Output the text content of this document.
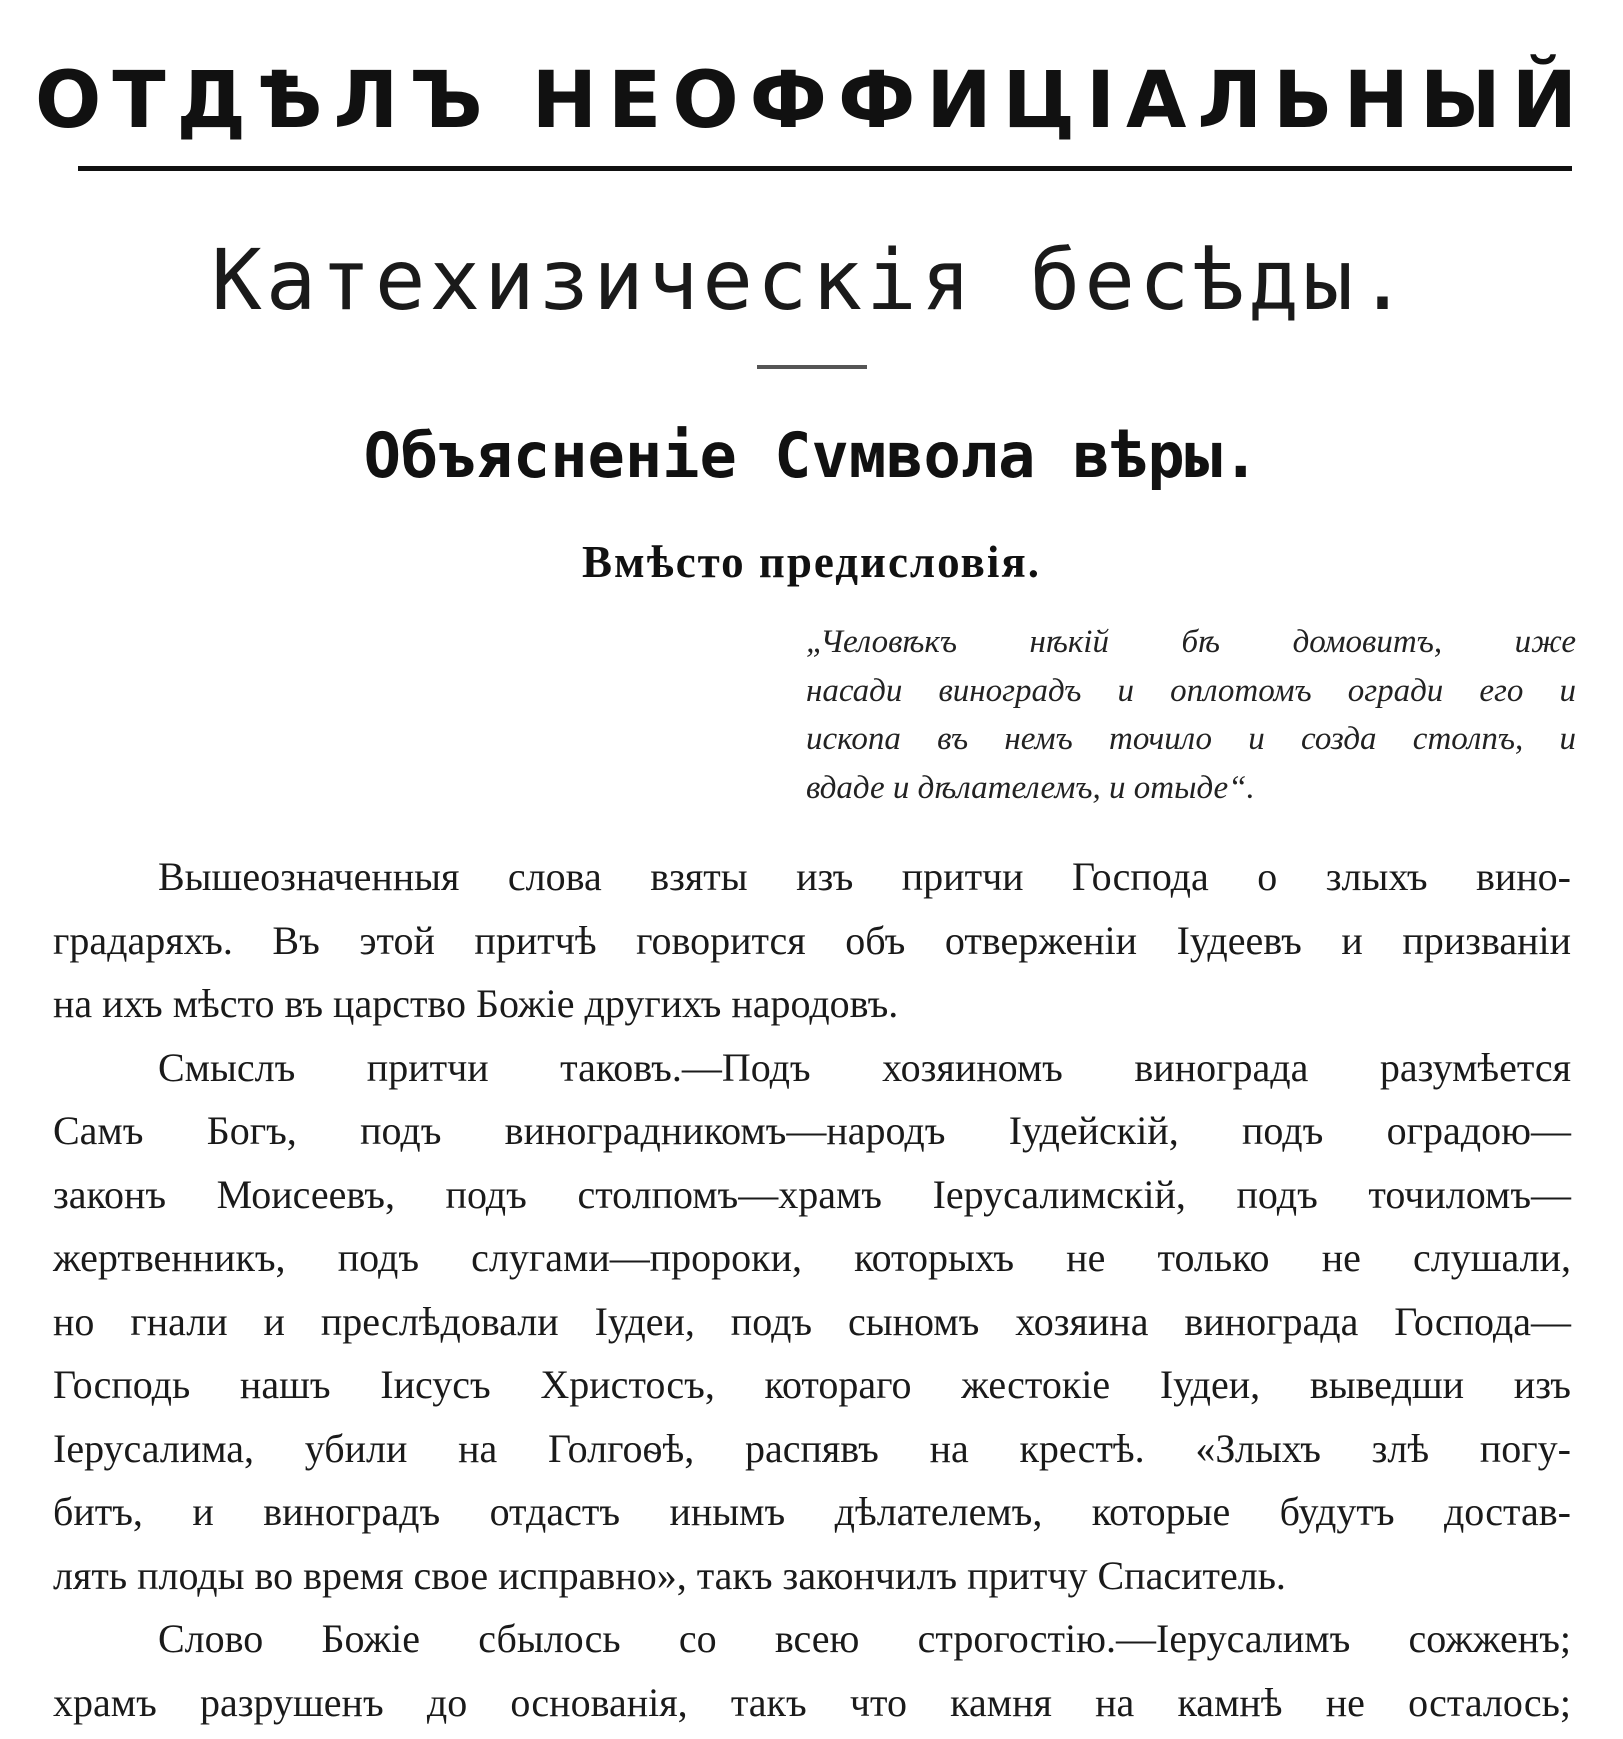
ОТДѢЛЪ НЕОФФИЦІАЛЬНЫЙ
Катехизическія бесѣды.
Объясненіе Сvмвола вѣры.
Вмѣсто предисловія.
„Человѣкъ нѣкій бѣ домовитъ, иже
насади виноградъ и оплотомъ огради его и
ископа въ немъ точило и созда столпъ, и
вдаде и дѣлателемъ, и отыде“.
Вышеозначенныя слова взяты изъ притчи Господа о злыхъ вино-
градаряхъ. Въ этой притчѣ говорится объ отверженіи Іудеевъ и призваніи
на ихъ мѣсто въ царство Божіе другихъ народовъ.
Смыслъ притчи таковъ.—Подъ хозяиномъ винограда разумѣется
Самъ Богъ, подъ виноградникомъ—народъ Іудейскій, подъ оградою—
законъ Моисеевъ, подъ столпомъ—храмъ Іерусалимскій, подъ точиломъ—
жертвенникъ, подъ слугами—пророки, которыхъ не только не слушали,
но гнали и преслѣдовали Іудеи, подъ сыномъ хозяина винограда Господа—
Господь нашъ Іисусъ Христосъ, котораго жестокіе Іудеи, выведши изъ
Іерусалима, убили на Голгоѳѣ, распявъ на крестѣ. «Злыхъ злѣ погу-
битъ, и виноградъ отдастъ инымъ дѣлателемъ, которые будутъ достав-
лять плоды во время свое исправно», такъ закончилъ притчу Спаситель.
Слово Божіе сбылось со всею строгостію.—Іерусалимъ сожженъ;
храмъ разрушенъ до основанія, такъ что камня на камнѣ не осталось;
